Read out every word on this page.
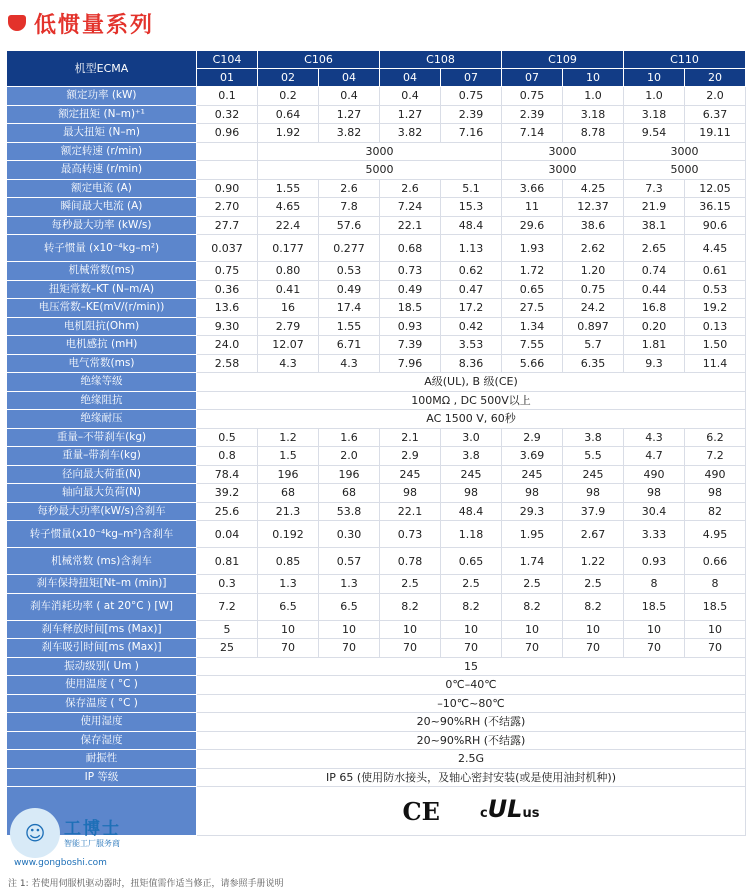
低惯量系列
机型ECMA	C104	C106		C108		C109		C110	
	01	02	04	04	07	07	10	10	20
额定功率 (kW)	0.1	0.2	0.4	0.4	0.75	0.75	1.0	1.0	2.0
额定扭矩 (N–m)⁺¹	0.32	0.64	1.27	1.27	2.39	2.39	3.18	3.18	6.37
最大扭矩 (N–m)	0.96	1.92	3.82	3.82	7.16	7.14	8.78	9.54	19.11
额定转速 (r/min)		3000				3000		3000	
最高转速 (r/min)		5000				3000		5000	
额定电流 (A)	0.90	1.55	2.6	2.6	5.1	3.66	4.25	7.3	12.05
瞬间最大电流 (A)	2.70	4.65	7.8	7.24	15.3	11	12.37	21.9	36.15
每秒最大功率 (kW/s)	27.7	22.4	57.6	22.1	48.4	29.6	38.6	38.1	90.6
转子惯量 (x10⁻⁴kg–m²)	0.037	0.177	0.277	0.68	1.13	1.93	2.62	2.65	4.45
机械常数(ms)	0.75	0.80	0.53	0.73	0.62	1.72	1.20	0.74	0.61
扭矩常数–KT (N–m/A)	0.36	0.41	0.49	0.49	0.47	0.65	0.75	0.44	0.53
电压常数–KE(mV/(r/min))	13.6	16	17.4	18.5	17.2	27.5	24.2	16.8	19.2
电机阻抗(Ohm)	9.30	2.79	1.55	0.93	0.42	1.34	0.897	0.20	0.13
电机感抗 (mH)	24.0	12.07	6.71	7.39	3.53	7.55	5.7	1.81	1.50
电气常数(ms)	2.58	4.3	4.3	7.96	8.36	5.66	6.35	9.3	11.4
绝缘等级	A级(UL), B 级(CE)								
绝缘阻抗	100MΩ , DC 500V以上								
绝缘耐压	AC 1500 V, 60秒								
重量–不带刹车(kg)	0.5	1.2	1.6	2.1	3.0	2.9	3.8	4.3	6.2
重量–带刹车(kg)	0.8	1.5	2.0	2.9	3.8	3.69	5.5	4.7	7.2
径向最大荷重(N)	78.4	196	196	245	245	245	245	490	490
轴向最大负荷(N)	39.2	68	68	98	98	98	98	98	98
每秒最大功率(kW/s)含刹车	25.6	21.3	53.8	22.1	48.4	29.3	37.9	30.4	82
转子惯量(x10⁻⁴kg–m²)含刹车	0.04	0.192	0.30	0.73	1.18	1.95	2.67	3.33	4.95
机械常数 (ms)含刹车	0.81	0.85	0.57	0.78	0.65	1.74	1.22	0.93	0.66
刹车保持扭矩[Nt–m (min)]	0.3	1.3	1.3	2.5	2.5	2.5	2.5	8	8
刹车消耗功率 ( at 20°C ) [W]	7.2	6.5	6.5	8.2	8.2	8.2	8.2	18.5	18.5
刹车释放时间[ms (Max)]	5	10	10	10	10	10	10	10	10
刹车吸引时间[ms (Max)]	25	70	70	70	70	70	70	70	70
振动级别( Um )	15								
使用温度 ( °C )	0℃–40℃								
保存温度 ( °C )	–10℃~80℃								
使用湿度	20~90%RH (不结露)								
保存湿度	20~90%RH (不结露)								
耐振性	2.5G								
IP 等级	IP 65 (使用防水接头，及轴心密封安装(或是使用油封机种))								

	CE cULus								
☺	工博士
智能工厂服务商
www.gongboshi.com
注 1: 若使用伺服机驱动器时，扭矩值需作适当修正，请参照手册说明
